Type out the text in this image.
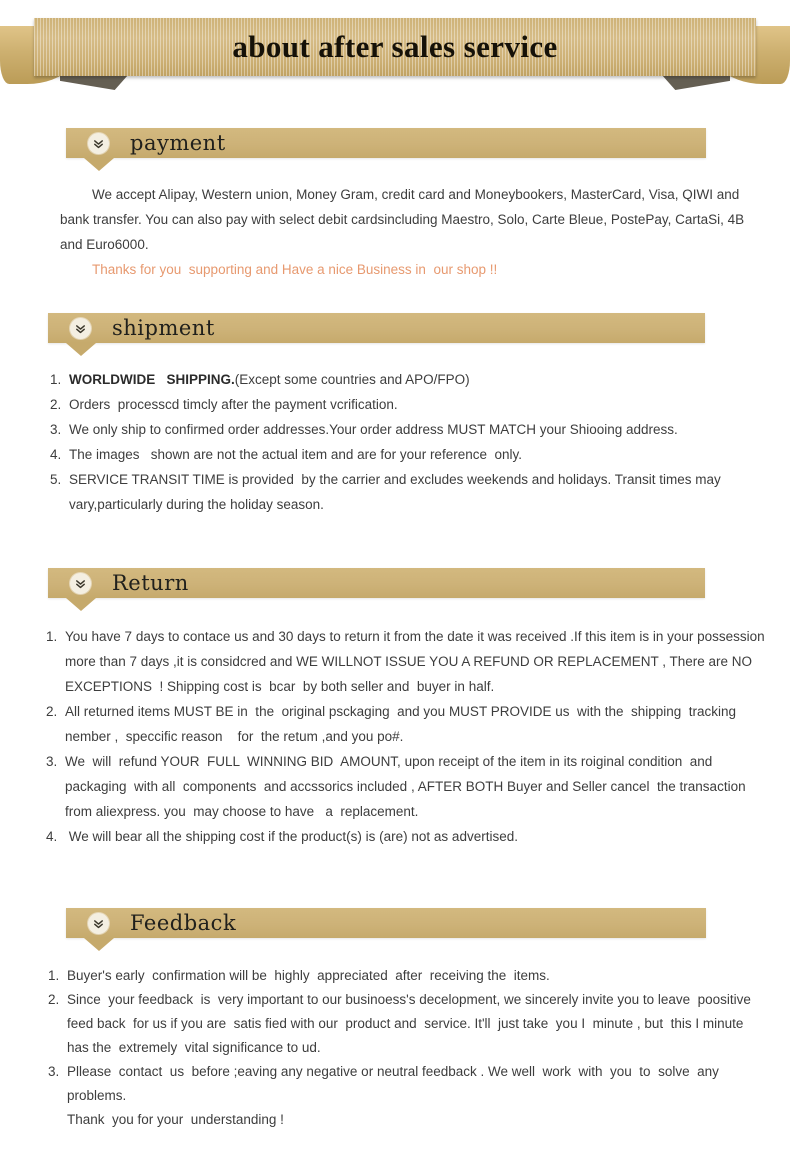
about after sales service
payment
We accept Alipay, Western union, Money Gram, credit card and Moneybookers, MasterCard, Visa, QIWI and bank transfer. You can also pay with select debit cardsincluding Maestro, Solo, Carte Bleue, PostePay, CartaSi, 4B and Euro6000.
Thanks for you  supporting and Have a nice Business in  our shop !!
shipment
1. WORLDWIDE   SHIPPING.(Except some countries and APO/FPO)
2. Orders  processcd timcly after the payment vcrification.
3. We only ship to confirmed order addresses.Your order address MUST MATCH your Shiooing address.
4. The images   shown are not the actual item and are for your reference  only.
5. SERVICE TRANSIT TIME is provided  by the carrier and excludes weekends and holidays. Transit times may vary,particularly during the holiday season.
Return
1. You have 7 days to contace us and 30 days to return it from the date it was received .If this item is in your possession more than 7 days ,it is considcred and WE WILLNOT ISSUE YOU A REFUND OR REPLACEMENT , There are NO EXCEPTIONS  ! Shipping cost is  bcar  by both seller and  buyer in half.
2. All returned items MUST BE in  the  original psckaging  and you MUST PROVIDE us  with the  shipping  tracking  nember ,  speccific reason    for  the retum ,and you po#.
3. We  will  refund YOUR  FULL  WINNING BID  AMOUNT, upon receipt of the item in its roiginal condition  and  packaging  with all  components  and accssorics included , AFTER BOTH Buyer and Seller cancel  the transaction  from aliexpress. you  may choose to have   a  replacement.
4. We will bear all the shipping cost if the product(s) is (are) not as advertised.
Feedback
1. Buyer's early  confirmation will be  highly  appreciated  after  receiving the  items.
2. Since  your feedback  is  very important to our businoess's decelopment, we sincerely invite you to leave  poositive feed back  for us if you are  satis fied with our  product and  service. It'll  just take  you I  minute , but  this I minute  has the  extremely  vital significance to ud.
3. Pllease  contact  us  before ;eaving any negative or neutral feedback . We well  work  with  you  to  solve  any  problems.
Thank  you for your  understanding !
